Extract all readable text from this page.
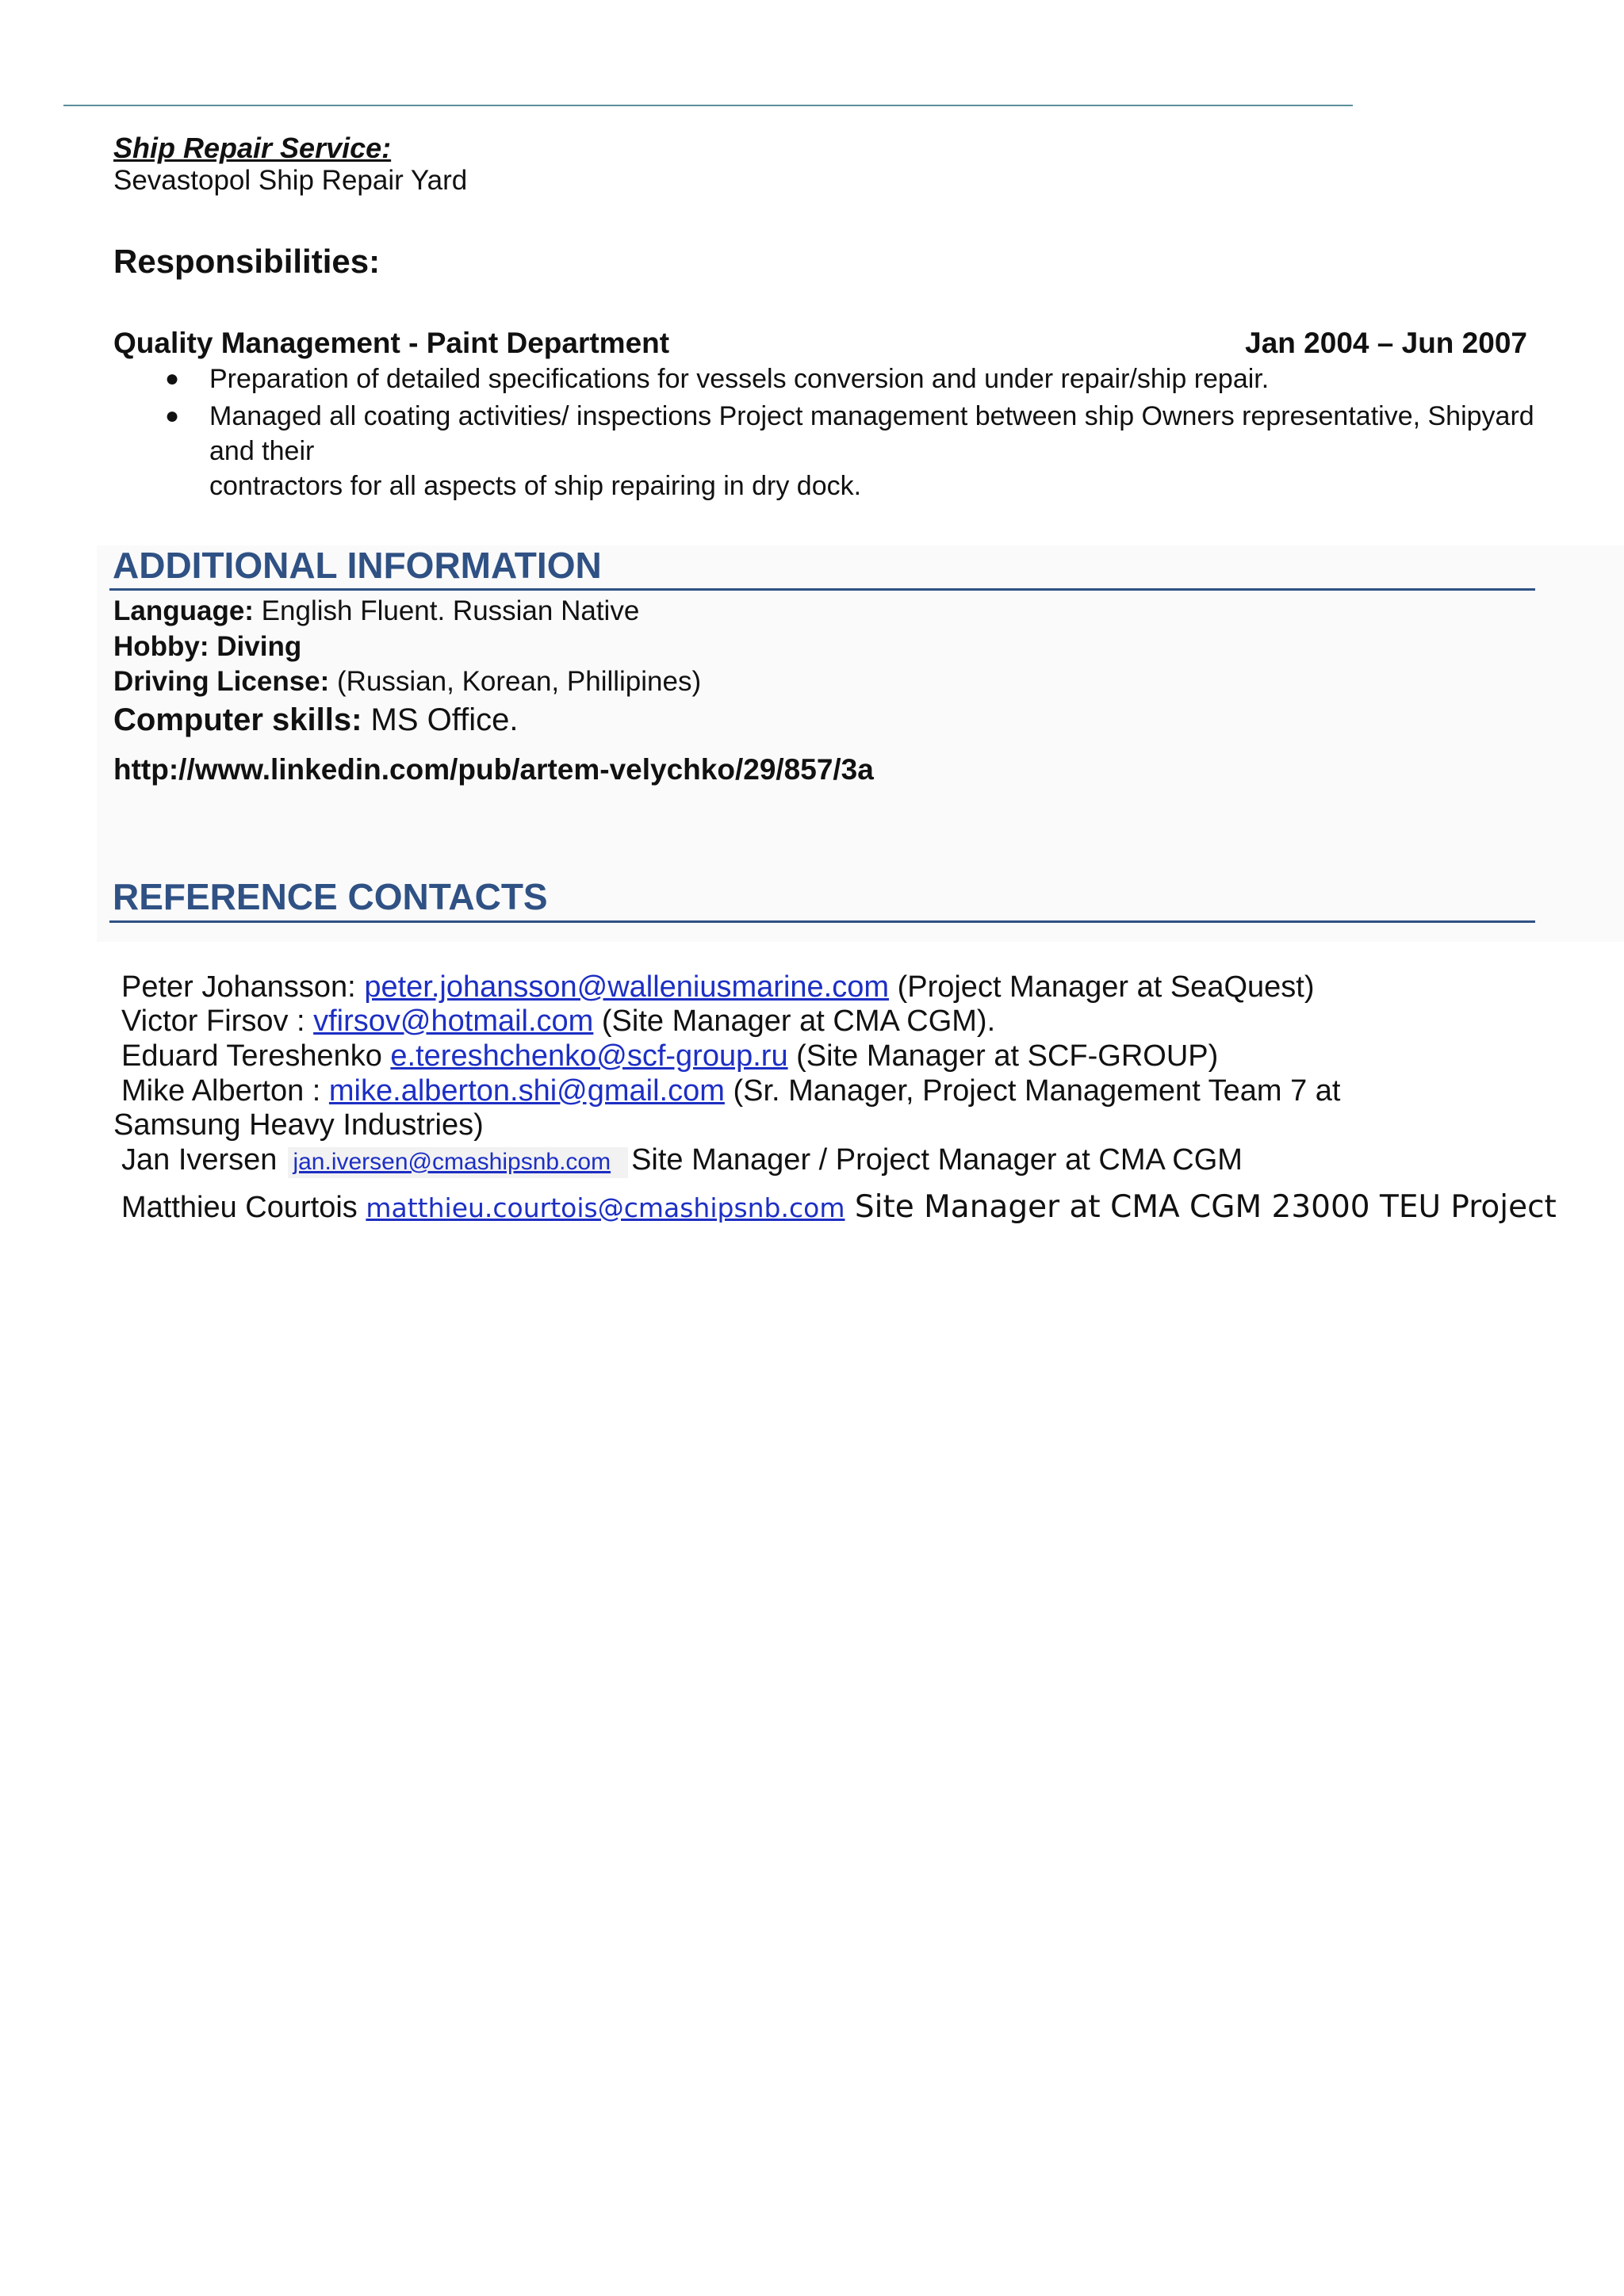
Ship Repair Service:
Sevastopol Ship Repair Yard
Responsibilities:
Quality Management - Paint Department	Jan 2004 – Jun 2007
● Preparation of detailed specifications for vessels conversion and under repair/ship repair.
● Managed all coating activities/ inspections Project management between ship Owners representative, Shipyard and their
contractors for all aspects of ship repairing in dry dock.
ADDITIONAL INFORMATION
Language: English Fluent. Russian Native
Hobby: Diving
Driving License: (Russian, Korean, Phillipines)
Computer skills: MS Office.
http://www.linkedin.com/pub/artem-velychko/29/857/3a
REFERENCE CONTACTS
Peter Johansson: peter.johansson@walleniusmarine.com (Project Manager at SeaQuest)
Victor Firsov : vfirsov@hotmail.com (Site Manager at CMA CGM).
Eduard Tereshenko e.tereshchenko@scf-group.ru (Site Manager at SCF-GROUP)
Mike Alberton : mike.alberton.shi@gmail.com (Sr. Manager, Project Management Team 7 at
Samsung Heavy Industries)
Jan Iversen jan.iversen@cmashipsnb.com Site Manager / Project Manager at CMA CGM
Matthieu Courtois matthieu.courtois@cmashipsnb.com Site Manager at CMA CGM 23000 TEU Project
